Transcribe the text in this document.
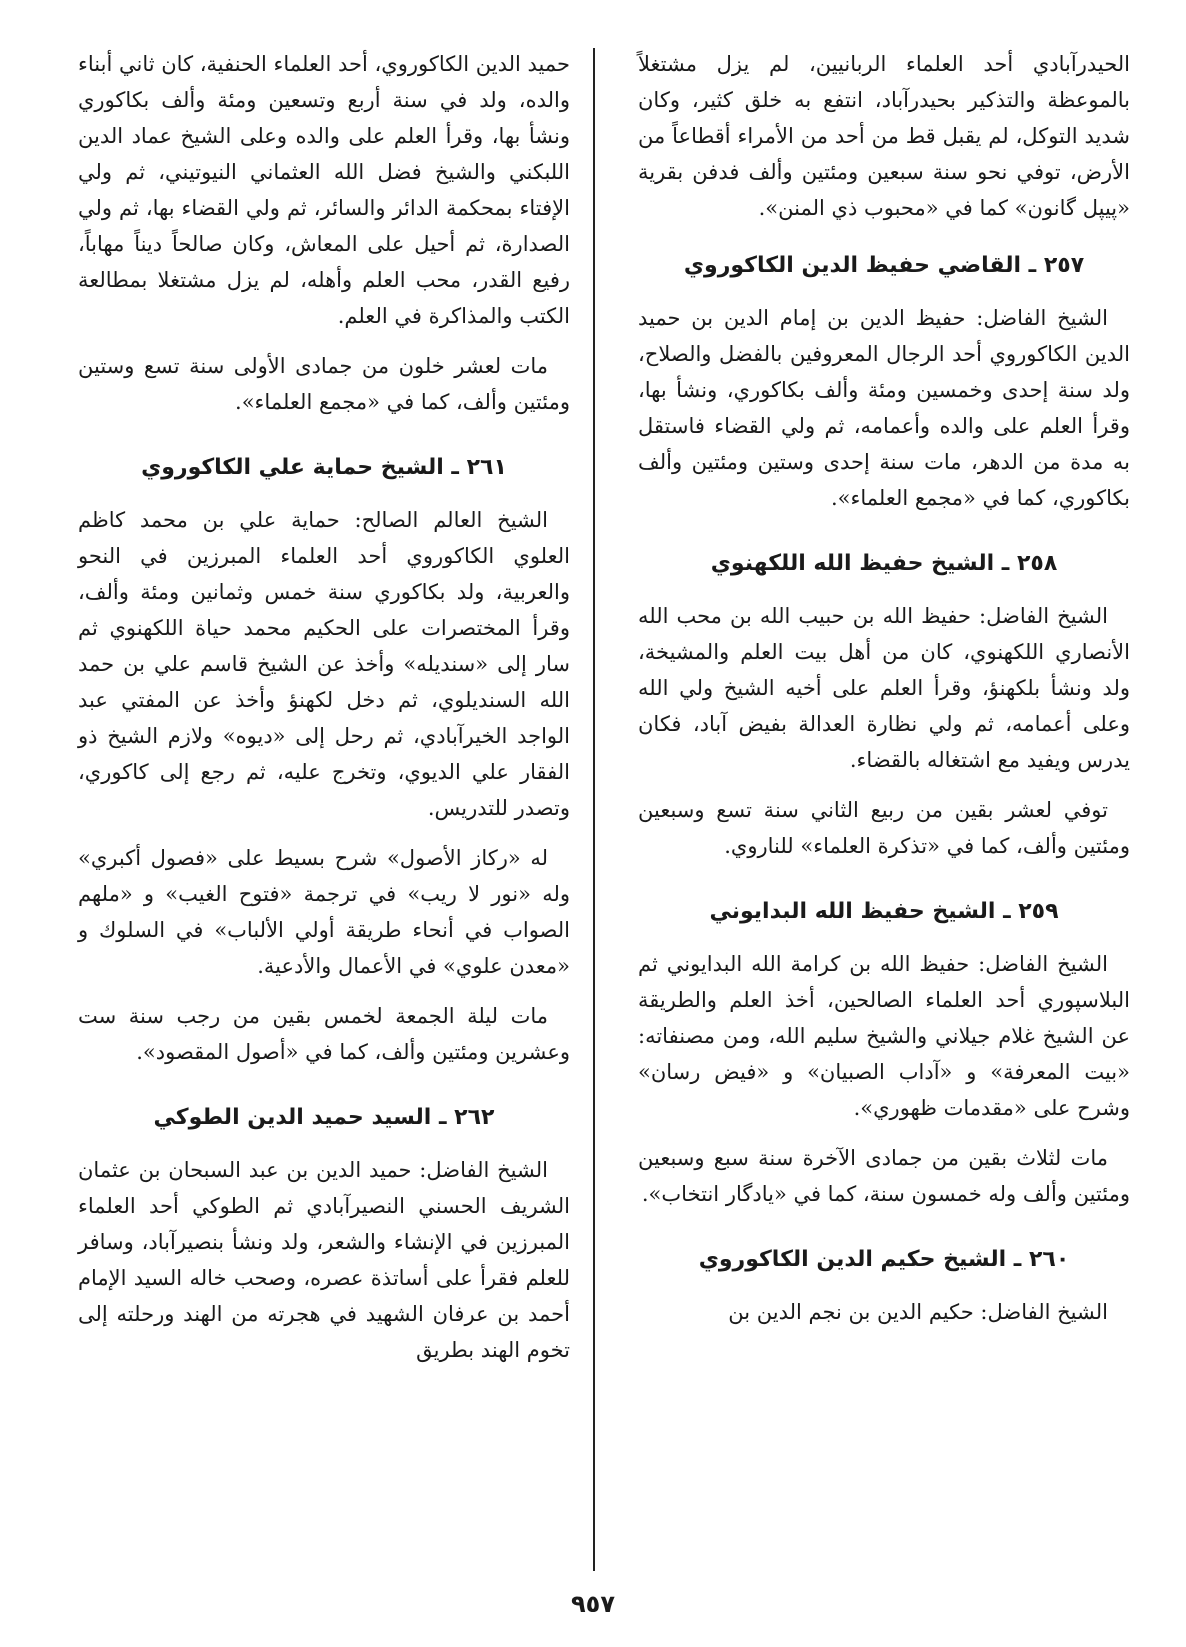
الحيدرآبادي أحد العلماء الربانيين، لم يزل مشتغلاً بالموعظة والتذكير بحيدرآباد، انتفع به خلق كثير، وكان شديد التوكل، لم يقبل قط من أحد من الأمراء أقطاعاً من الأرض، توفي نحو سنة سبعين ومئتين وألف فدفن بقرية «پيپل گانون» كما في «محبوب ذي المنن».

٢٥٧ ـ القاضي حفيظ الدين الكاكوروي

الشيخ الفاضل: حفيظ الدين بن إمام الدين بن حميد الدين الكاكوروي أحد الرجال المعروفين بالفضل والصلاح، ولد سنة إحدى وخمسين ومئة وألف بكاكوري، ونشأ بها، وقرأ العلم على والده وأعمامه، ثم ولي القضاء فاستقل به مدة من الدهر، مات سنة إحدى وستين ومئتين وألف بكاكوري، كما في «مجمع العلماء».

٢٥٨ ـ الشيخ حفيظ الله اللكهنوي

الشيخ الفاضل: حفيظ الله بن حبيب الله بن محب الله الأنصاري اللكهنوي، كان من أهل بيت العلم والمشيخة، ولد ونشأ بلكهنؤ، وقرأ العلم على أخيه الشيخ ولي الله وعلى أعمامه، ثم ولي نظارة العدالة بفيض آباد، فكان يدرس ويفيد مع اشتغاله بالقضاء.

توفي لعشر بقين من ربيع الثاني سنة تسع وسبعين ومئتين وألف، كما في «تذكرة العلماء» للناروي.

٢٥٩ ـ الشيخ حفيظ الله البدايوني

الشيخ الفاضل: حفيظ الله بن كرامة الله البدايوني ثم البلاسپوري أحد العلماء الصالحين، أخذ العلم والطريقة عن الشيخ غلام جيلاني والشيخ سليم الله، ومن مصنفاته: «بيت المعرفة» و «آداب الصبيان» و «فيض رسان» وشرح على «مقدمات ظهوري».

مات لثلاث بقين من جمادى الآخرة سنة سبع وسبعين ومئتين وألف وله خمسون سنة، كما في «يادگار انتخاب».

٢٦٠ ـ الشيخ حكيم الدين الكاكوروي

الشيخ الفاضل: حكيم الدين بن نجم الدين بن

حميد الدين الكاكوروي، أحد العلماء الحنفية، كان ثاني أبناء والده، ولد في سنة أربع وتسعين ومئة وألف بكاكوري ونشأ بها، وقرأ العلم على والده وعلى الشيخ عماد الدين اللبكني والشيخ فضل الله العثماني النيوتيني، ثم ولي الإفتاء بمحكمة الدائر والسائر، ثم ولي القضاء بها، ثم ولي الصدارة، ثم أحيل على المعاش، وكان صالحاً ديناً مهاباً، رفيع القدر، محب العلم وأهله، لم يزل مشتغلا بمطالعة الكتب والمذاكرة في العلم.

مات لعشر خلون من جمادى الأولى سنة تسع وستين ومئتين وألف، كما في «مجمع العلماء».

٢٦١ ـ الشيخ حماية علي الكاكوروي

الشيخ العالم الصالح: حماية علي بن محمد كاظم العلوي الكاكوروي أحد العلماء المبرزين في النحو والعربية، ولد بكاكوري سنة خمس وثمانين ومئة وألف، وقرأ المختصرات على الحكيم محمد حياة اللكهنوي ثم سار إلى «سنديله» وأخذ عن الشيخ قاسم علي بن حمد الله السنديلوي، ثم دخل لكهنؤ وأخذ عن المفتي عبد الواجد الخيرآبادي، ثم رحل إلى «ديوه» ولازم الشيخ ذو الفقار علي الديوي، وتخرج عليه، ثم رجع إلى كاكوري، وتصدر للتدريس.

له «ركاز الأصول» شرح بسيط على «فصول أكبري» وله «نور لا ريب» في ترجمة «فتوح الغيب» و «ملهم الصواب في أنحاء طريقة أولي الألباب» في السلوك و «معدن علوي» في الأعمال والأدعية.

مات ليلة الجمعة لخمس بقين من رجب سنة ست وعشرين ومئتين وألف، كما في «أصول المقصود».

٢٦٢ ـ السيد حميد الدين الطوكي

الشيخ الفاضل: حميد الدين بن عبد السبحان بن عثمان الشريف الحسني النصيرآبادي ثم الطوكي أحد العلماء المبرزين في الإنشاء والشعر، ولد ونشأ بنصيرآباد، وسافر للعلم فقرأ على أساتذة عصره، وصحب خاله السيد الإمام أحمد بن عرفان الشهيد في هجرته من الهند ورحلته إلى تخوم الهند بطريق

٩٥٧
